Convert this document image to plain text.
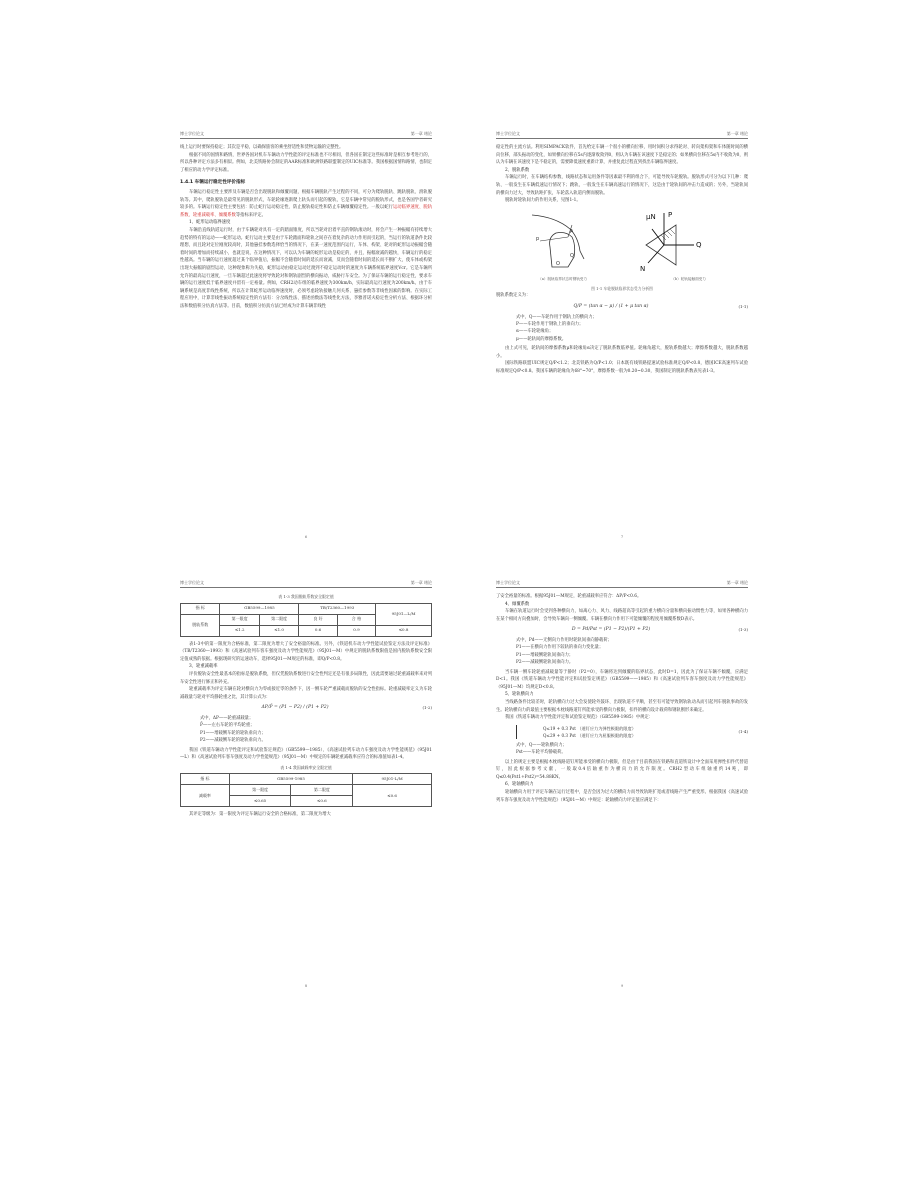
博士学位论文	第一章 绪论

线上运行时要保持稳定；其次是平稳，以确保旅客的乘坐舒适性和货物运输的完整性。

根据不同的国情和路情，世界各国对机车车辆动力学性能的评定标准也不尽相同，但各国在制定这些标准时是相互参考进行的，所以各种评定方法多有相似。例如，北美铁路协会制定的AAR标准和欧洲铁路联盟制定的UIC标准等。我国根据国情和路情，也制定了相应的动力学评定标准。

1.4.1 车辆运行稳定性评价指标

车辆运行稳定性主要涉及车辆是否会出现脱轨和倾覆问题，根据车辆脱轨产生过程的不同，可分为爬轨脱轨、跳轨脱轨、滑轨脱轨等。其中，爬轨脱轨是最常见的脱轨形式，车轮轮缘逐渐爬上轨头而引起的脱轨，它是车辆中常见的脱轨形式，也是各国学者研究较多的。车辆运行稳定性主要包括：防止蛇行运动稳定性、防止脱轨稳定性和防止车辆倾覆稳定性。一般以蛇行运动临界速度、脱轨系数、轮重减载率、倾覆系数等指标来评定。

1、蛇形运动临界速度

车辆沿直线轨道运行时，由于车辆轮对具有一定的踏面锥度，所以当轮对沿着平直的钢轨滚动时，将会产生一种振幅有持续增大趋势的特有的运动——蛇形运动。蛇行运动主要是由于车轮踏面和轮轨之间存在着复杂的动力作用而引起的，当运行的轨道条件比较理想，而且轮对定位刚度较高时，其他悬挂参数选择恰当的情况下，在某一速度范围内运行，车体、构架、轮对的蛇形运动振幅会随着时间的增加而持续减小，也就是说，在这种情况下，可以认为车辆的蛇形运动是稳定的，并且，振幅衰减的越快，车辆运行的稳定性越高。当车辆的运行速度超过某个临界值后，振幅不会随着时间的延长而衰减，反而会随着时间的延长而不断扩大，使车体或构架出现大振幅的剧烈运动，这种现象称为失稳，蛇形运动由稳定运动过渡到不稳定运动时的速度为车辆系统临界速度Vcr。它是车辆所允许的最高运行速度，一旦车辆超过此速度将导致轮对和钢轨剧烈的横向振动，威胁行车安全。为了保证车辆的运行稳定性，要求车辆的运行速度低于临界速度并留有一定裕量。例如，CRH2动车组的临界速度为300km/h，实际最高运行速度为200km/h。由于车辆系统是高度非线性系统，所以在计算蛇形运动临界速度时，必须考虑轮轨接触几何关系、悬挂参数等非线性因素的影响。在实际工程应用中，计算非线性振动系统稳定性的方法有：分岔线性法、描述函数法等线性化方法，李雅普诺夫稳定性分析方法、根据环分析法和数值积分仿真方法等。目前，数值积分仿真方法已经成为计算车辆非线性

6
博士学位论文	第一章 绪论

稳定性的主流方法。利用SIMPACK软件，首先给定车辆一个很小的横向位移，用时间积分求得轮对、转向架构架和车体随时间的横向位移，部头振动的变化，如果横向位移在5s内逐渐收敛到0，则认为车辆在该速度下是稳定的；如果横向位移在5s内不收敛为0，则认为车辆在该速度下是不稳定的，需要降低速度重新计算，并重复此过程直到找出车辆临界速度。

2、脱轨系数

车辆运行时，在车辆结构参数、线路状态和运用条件等因素最不利的组合下，可能导致车轮脱轨。脱轨形式可分为以下几种：爬轨、一般发生在车辆低速运行情况下；跳轨，一般发生在车辆高速运行的情况下，这是由于轮轨间的冲击力造成的；另外，当轮轨间的横向力过大，导致轨距扩张，车轮落入轨道内侧而脱轨。

脱轨时轮轨间力的作用关系，见图1-1。

A
p
Q
O
μN P
Q
N
（a）脱轨临界状态时钢轨受力	（b）轮轨接触面受力
图 1-1 车轮脱轨临界状态受力分析图

脱轨系数定义为：

Q/P = (tan α − μ) / (1 + μ tan α)	(1-1)
式中，Q——车轮作用于钢轨上的横向力；
P——车轮作用于钢轨上的垂向力；
α——车轮轮缘角；
μ——轮轨间的摩擦系数。

由上式可见，轮轨间的摩擦系数μ和轮缘角α决定了脱轨系数临界值。轮缘角越大，脱轨系数越大；摩擦系数越大，脱轨系数越小。

国际铁路联盟UIC规定Q/P<1.2；北美铁路为Q/P<1.0；日本既有线铁路提速试验标准规定Q/P<0.8，德国ICE高速列车试验标准规定Q/P<0.8。我国车辆的轮缘角为68°~70°，摩擦系数一般为0.20~0.30，我国制定的脱轨系数表见表1-3。

7
博士学位论文	第一章 绪论
表 1-3 我国脱轨系数安全限定值
指 标	GB5599—1985		TB/T2360—1993		95J01—L/M
脱轨系数	第一限度	第二限度	良 好	合 格	
	≤1.2	≤1.0	0.6	0.9	≤0.8

表1-3中的第一限度为合格标准，第二限度为增大了安全裕量的标准。另外，《铁道机车动力学性能试验鉴定方法及评定标准》（TB/T2360—1993）和《高速试验列车客车强度及动力学性能规范》（95J01—M）中规定的脱轨系数限值是国内脱轨系数安全限定值成熟的依据。根据现研究的运速动车，选择95J01—M规定的标准，即Q/P<0.8。

3、轮重减载率

评价脱轨安全性最基本的指标是脱轨系数，但仅凭脱轨系数进行安全性判定还是有很多局限性，因此需要通过轮重减载率来对列车安全性进行修正和补充。

轮重减载率为评定车辆在轮对横向力为零或接近零的条件下，因一侧车轮严重减载而脱轨的安全性指标。轮重减载率定义为车轮减载量与轮对平均静轮重之比，其计算公式为：

ΔP/P̄ = (P1 − P2) / (P1 + P2)	(1-2)
式中，ΔP——轮重减载量；
P̄——左右车轮的平均轮重；
P1——增载侧车轮的轮轨垂向力；
P2——减载侧车轮的轮轨垂向力。

我国《铁道车辆动力学性能评定和试验鉴定规范》（GB5599—1985）、《高速试验列车动力车强度及动力学性能规范》（95J01—L）和《高速试验列车客车强度及动力学性能规范》（95J01—M）中规定的车辆轮重减载率应符合的标准值如表1-4。

表 1-4 我国减载率安全限定值
指 标	GB5599-1985		95J01-L/M
减载率	第一限度	第二限度	≤0.6
	≤0.65	≤0.6	

其评定等级为：第一限度为评定车辆运行安全的合格标准，第二限度为增大

8
博士学位论文	第一章 绪论

了安全裕量的标准。根据95J01—M规定，轮重减载率应符合：ΔP/P<0.6。

4、倾覆系数

车辆在轨道运行时会受到各种横向力，如离心力、风力、线路超高等引起的重力横向分量和横向振动惯性力等，如果各种横向力在某个相同方向叠加时，会导致车辆向一侧倾覆。车辆在横向力作用下可能倾覆的程度用倾覆系数D表示。

D = Pd/Pst = (P1 − P2)/(P1 + P2)	(1-3)
式中，Pd——无侧向力作用时轮轨间垂向静载荷；
P1——在横向力作用下较轨的垂向力变化量；
P1——增载侧轮轨间垂向力；
P2——减载侧轮轨间垂向力。

当车辆一侧车轮轮重减载量等于静时（P2=0），车辆将达到倾覆的临界状态，此时D=1，因此为了保证车辆不倾覆，应满足D<1。我国《铁道车辆动力学性能评定和试验鉴定规范》（GB5599——1985）和《高速试验列车客车强度及动力学性能规范》（95J01—M）均规定D<0.8。

5、轮轨横向力

当线路条件比较差时，轮轨横向力过大会发使轮外鼓环、出现轨道不平顺，甚至有可能导致钢轨轨动从而引起列车脱轨事故的发生。轮轨横向力的最值主要根据木枕线路道钉所能承受的横向力极限，扣件的横向设计载荷和钢轨断形来确定。

我国《铁道车辆动力学性能评定和试验鉴定规范》（GB5599-1985）中规定：

Q≤19 + 0.3 Pst （道钉应力为弹性极限的限度）
Q≤29 + 0.3 Pst （道钉应力为屈服极限的限度）
(1-4)
式中，Q——轮轨横向力；
Pst——车轮平均静载荷。

以上的规定主要是根据木枕线路道钉所能承受的横向力极限，但是由于目前我国在铁路和直道铁设计中全面采用弹性扣件代替道钉，因此根据参考文献，一般取0.4倍轴重作为横向力的允许限度。CRH2型动车组轴重约14吨，即Q≤0.4(Pst1+Pst2)=54.88KN。

6、轮轴横向力

轮轴横向力用于评定车辆在运行过程中，是否会因为过大的横向力而导致轨距扩宽或者线路产生严重变形。根据我国《高速试验列车客车强度及动力学性能规范》（95J01—M）中规定：轮轴横向力评定值应满足下：

9
